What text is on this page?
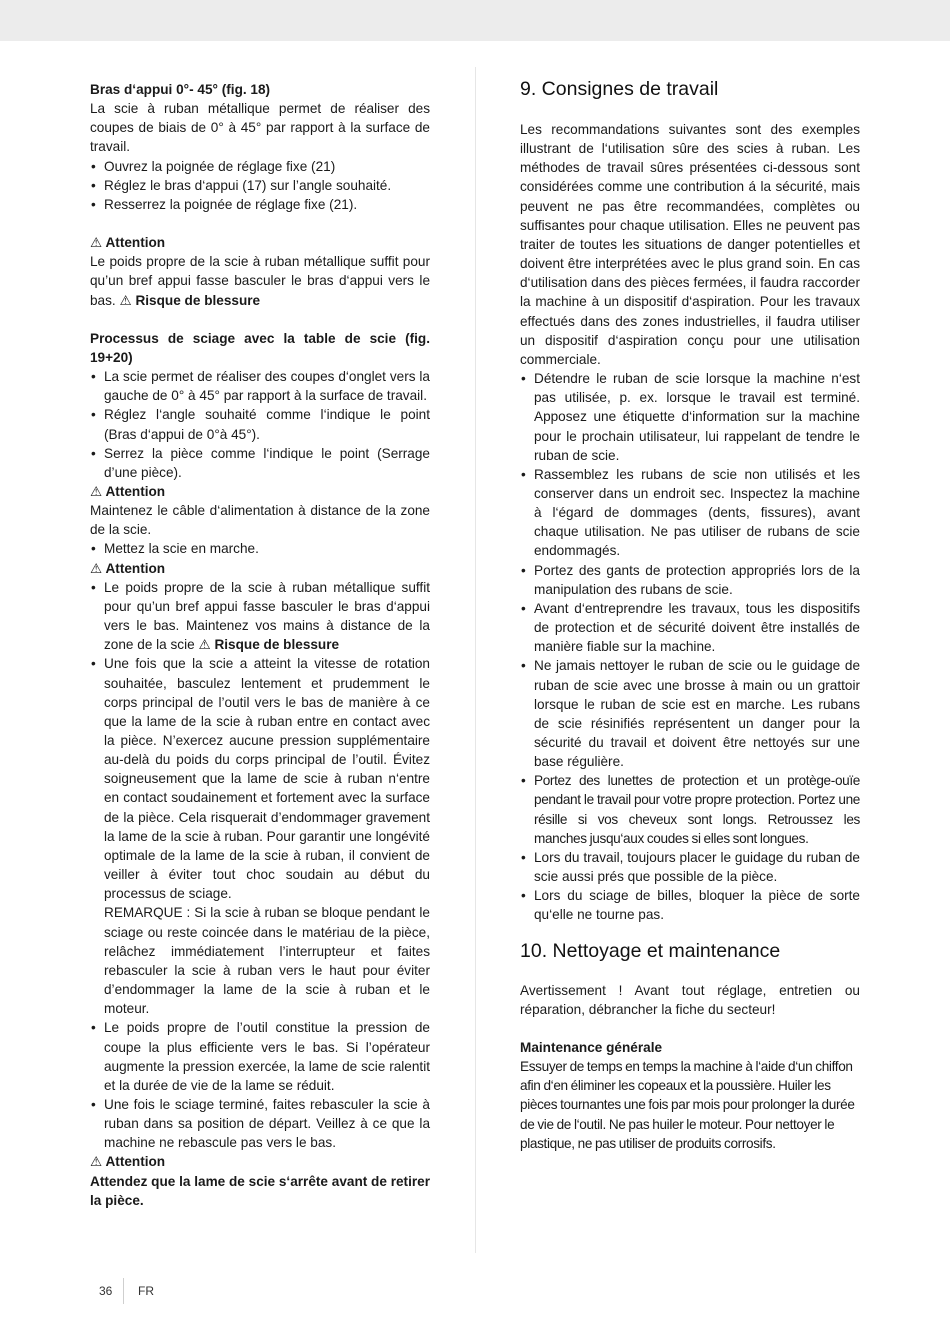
Bras d‘appui 0°- 45° (fig. 18)

La scie à ruban métallique permet de réaliser des coupes de biais de 0° à 45° par rapport à la surface de travail.

• Ouvrez la poignée de réglage fixe (21)
• Réglez le bras d‘appui (17) sur l’angle souhaité.
• Resserrez la poignée de réglage fixe (21).
⚠ Attention

Le poids propre de la scie à ruban métallique suffit pour qu’un bref appui fasse basculer le bras d‘appui vers le bas. ⚠ Risque de blessure

Processus de sciage avec la table de scie (fig. 19+20)

• La scie permet de réaliser des coupes d‘onglet vers la gauche de 0° à 45° par rapport à la surface de travail.
• Réglez l‘angle souhaité comme l‘indique le point (Bras d‘appui de 0°à 45°).
• Serrez la pièce comme l‘indique le point (Serrage d’une pièce).
⚠ Attention

Maintenez le câble d‘alimentation à distance de la zone de la scie.

• Mettez la scie en marche.
⚠ Attention
• Le poids propre de la scie à ruban métallique suffit pour qu’un bref appui fasse basculer le bras d‘appui vers le bas. Maintenez vos mains à distance de la zone de la scie ⚠ Risque de blessure
• Une fois que la scie a atteint la vitesse de rotation souhaitée, basculez lentement et prudemment le corps principal de l’outil vers le bas de manière à ce que la lame de la scie à ruban entre en contact avec la pièce. N’exercez aucune pression supplémentaire au-delà du poids du corps principal de l’outil. Évitez soigneusement que la lame de scie à ruban n‘entre en contact soudainement et fortement avec la surface de la pièce. Cela risquerait d’endommager gravement la lame de la scie à ruban. Pour garantir une longévité optimale de la lame de la scie à ruban, il convient de veiller à éviter tout choc soudain au début du processus de sciage.

REMARQUE : Si la scie à ruban se bloque pendant le sciage ou reste coincée dans le matériau de la pièce, relâchez immédiatement l’interrupteur et faites rebasculer la scie à ruban vers le haut pour éviter d’endommager la lame de la scie à ruban et le moteur.

• Le poids propre de l’outil constitue la pression de coupe la plus efficiente vers le bas. Si l’opérateur augmente la pression exercée, la lame de scie ralentit et la durée de vie de la lame se réduit.
• Une fois le sciage terminé, faites rebasculer la scie à ruban dans sa position de départ. Veillez à ce que la machine ne rebascule pas vers le bas.
⚠ Attention

Attendez que la lame de scie s‘arrête avant de retirer la pièce.

9. Consignes de travail

Les recommandations suivantes sont des exemples illustrant de l‘utilisation sûre des scies à ruban. Les méthodes de travail sûres présentées ci-dessous sont considérées comme une contribution á la sécurité, mais peuvent ne pas être recommandées, complètes ou suffisantes pour chaque utilisation. Elles ne peuvent pas traiter de toutes les situations de danger potentielles et doivent être interprétées avec le plus grand soin. En cas d‘utilisation dans des pièces fermées, il faudra raccorder la machine à un dispositif d‘aspiration. Pour les travaux effectués dans des zones industrielles, il faudra utiliser un dispositif d‘aspiration conçu pour une utilisation commerciale.

• Détendre le ruban de scie lorsque la machine n‘est pas utilisée, p. ex. lorsque le travail est terminé. Apposez une étiquette d‘information sur la machine pour le prochain utilisateur, lui rappelant de tendre le ruban de scie.
• Rassemblez les rubans de scie non utilisés et les conserver dans un endroit sec. Inspectez la machine à l‘égard de dommages (dents, fissures), avant chaque utilisation. Ne pas utiliser de rubans de scie endommagés.
• Portez des gants de protection appropriés lors de la manipulation des rubans de scie.
• Avant d‘entreprendre les travaux, tous les dispositifs de protection et de sécurité doivent être installés de manière fiable sur la machine.
• Ne jamais nettoyer le ruban de scie ou le guidage de ruban de scie avec une brosse à main ou un grattoir lorsque le ruban de scie est en marche. Les rubans de scie résinifiés représentent un danger pour la sécurité du travail et doivent être nettoyés sur une base régulière.
• Portez des lunettes de protection et un protège-ouïe pendant le travail pour votre propre protection. Portez une résille si vos cheveux sont longs. Retroussez les manches jusqu‘aux coudes si elles sont longues.
• Lors du travail, toujours placer le guidage du ruban de scie aussi prés que possible de la pièce.
• Lors du sciage de billes, bloquer la pièce de sorte qu‘elle ne tourne pas.
10. Nettoyage et maintenance

Avertissement ! Avant tout réglage, entretien ou réparation, débrancher la fiche du secteur!

Maintenance générale

Essuyer de temps en temps la machine à l‘aide d‘un chiffon afin d‘en éliminer les copeaux et la poussière. Huiler les pièces tournantes une fois par mois pour prolonger la durée de vie de l‘outil. Ne pas huiler le moteur. Pour nettoyer le plastique, ne pas utiliser de produits corrosifs.

36 FR
